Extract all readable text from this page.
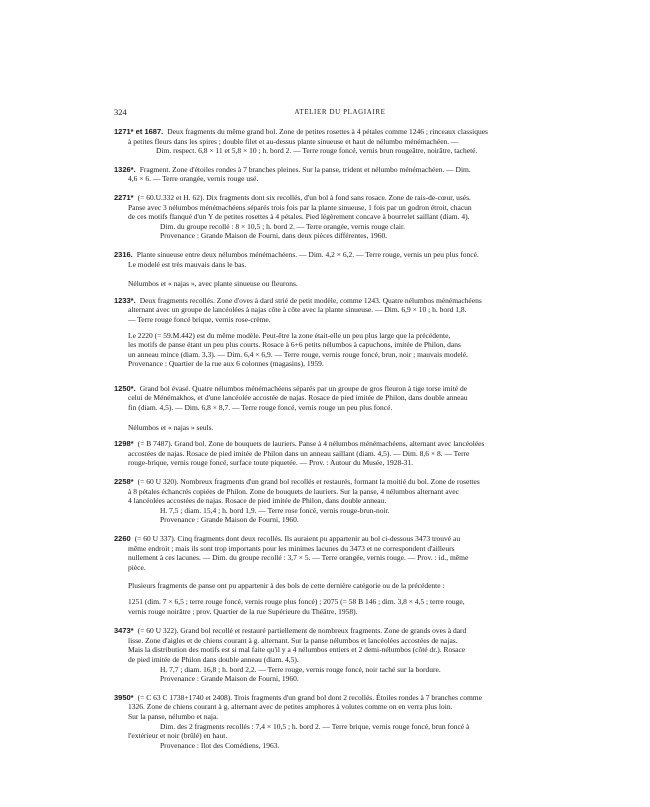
324	ATELIER DU PLAGIAIRE
1271* et 1687. Deux fragments du même grand bol. Zone de petites rosettes à 4 pétales comme 1246 ; rinceaux classiques
à petites fleurs dans les spires ; double filet et au-dessus plante sinueuse et haut de nélumbo ménémachéen. —
Dim. respect. 6,8 × 11 et 5,8 × 10 ; h. bord 2. — Terre rouge foncé, vernis brun rougeâtre, noirâtre, tacheté.
1326*. Fragment. Zone d'étoiles rondes à 7 branches pleines. Sur la panse, trident et nélumbo ménémachéen. — Dim.
4,6 × 6. — Terre orangée, vernis rouge usé.
2271* (= 60.U.332 et H. 62). Dix fragments dont six recollés, d'un bol à fond sans rosace. Zone de rais-de-cœur, usés.
Panse avec 3 nélumbos ménémachéens séparés trois fois par la plante sinueuse, 1 fois par un godron étroit, chacun
de ces motifs flanqué d'un Y de petites rosettes à 4 pétales. Pied légèrement concave à bourrelet saillant (diam. 4).
Dim. du groupe recollé : 8 × 10,5 ; h. bord 2. — Terre orangée, vernis rouge clair.
Provenance : Grande Maison de Fourni, dans deux pièces différentes, 1960.
2316. Plante sinueuse entre deux nélumbos ménémachéens. — Dim. 4,2 × 6,2. — Terre rouge, vernis un peu plus foncé.
Le modelé est très mauvais dans le bas.
Nélumbos et « najas », avec plante sinueuse ou fleurons.
1233*. Deux fragments recollés. Zone d'oves à dard strié de petit modèle, comme 1243. Quatre nélumbos ménémachéens
alternant avec un groupe de lancéolées à najas côte à côte avec la plante sinueuse. — Dim. 6,9 × 10 ; h. bord 1,8.
— Terre rouge foncé brique, vernis rose-crème.
Le 2220 (= 59.M.442) est du même modèle. Peut-être la zone était-elle un peu plus large que la précédente,
les motifs de panse étant un peu plus courts. Rosace à 6+6 petits nélumbos à capuchons, imitée de Philon, dans
un anneau mince (diam. 3,3). — Dim. 6,4 × 6,9. — Terre rouge, vernis rouge foncé, brun, noir ; mauvais modelé.
Provenance : Quartier de la rue aux 6 colonnes (magasins), 1959.
1250*. Grand bol évasé. Quatre nélumbos ménémachéens séparés par un groupe de gros fleuron à tige torse imité de
celui de Ménémakhos, et d'une lancéolée accostée de najas. Rosace de pied imitée de Philon, dans double anneau
fin (diam. 4,5). — Dim. 6,8 × 8,7. — Terre rouge foncé, vernis rouge un peu plus foncé.
Nélumbos et « najas » seuls.
1298* (= B 7487). Grand bol. Zone de bouquets de lauriers. Panse à 4 nélumbos ménémachéens, alternant avec lancéolées
accostées de najas. Rosace de pied imitée de Philon dans un anneau saillant (diam. 4,5). — Dim. 8,6 × 8. — Terre
rouge-brique, vernis rouge foncé, surface toute piquetée. — Prov. : Autour du Musée, 1928-31.
2258* (= 60 U 320). Nombreux fragments d'un grand bol recollés et restaurés, formant la moitié du bol. Zone de rosettes
à 8 pétales échancrés copiées de Philon. Zone de bouquets de lauriers. Sur la panse, 4 nélumbos alternant avec
4 lancéolées accostées de najas. Rosace de pied imitée de Philon, dans double anneau.
H. 7,5 ; diam. 15,4 ; h. bord 1,9. — Terre rose foncé, vernis rouge-brun-noir.
Provenance : Grande Maison de Fourni, 1960.
2260 (= 60 U 337). Cinq fragments dont deux recollés. Ils auraient pu appartenir au bol ci-dessous 3473 trouvé au
même endroit ; mais ils sont trop importants pour les minimes lacunes du 3473 et ne correspondent d'ailleurs
nullement à ces lacunes. — Dim. du groupe recollé : 3,7 × 5. — Terre orangée, vernis rouge. — Prov. : id., même
pièce.
Plusieurs fragments de panse ont pu appartenir à des bols de cette dernière catégorie ou de la précédente :
1251 (dim. 7 × 6,5 ; terre rouge foncé, vernis rouge plus foncé) ; 2075 (= 58 B 146 ; dim. 3,8 × 4,5 ; terre rouge,
vernis rouge noirâtre ; prov. Quartier de la rue Supérieure du Théâtre, 1958).
3473* (= 60 U 322). Grand bol recollé et restauré partiellement de nombreux fragments. Zone de grands oves à dard
lisse. Zone d'aigles et de chiens courant à g. alternant. Sur la panse nélumbos et lancéolées accostées de najas.
Mais la distribution des motifs est si mal faite qu'il y a 4 nélumbos entiers et 2 demi-nélumbos (côté dr.). Rosace
de pied imitée de Philon dans double anneau (diam. 4,5).
H. 7,7 ; diam. 16,8 ; h. bord 2,2. — Terre rouge, vernis rouge foncé, noir taché sur la bordure.
Provenance : Grande Maison de Fourni, 1960.
3950* (= C 63 C 1738+1740 et 2408). Trois fragments d'un grand bol dont 2 recollés. Étoiles rondes à 7 branches comme
1326. Zone de chiens courant à g. alternant avec de petites amphores à volutes comme on en verra plus loin.
Sur la panse, nélumbo et naja.
Dim. des 2 fragments recollés : 7,4 × 10,5 ; h. bord 2. — Terre brique, vernis rouge foncé, brun foncé à
l'extérieur et noir (brûlé) en haut.
Provenance : Ilot des Comédiens, 1963.
